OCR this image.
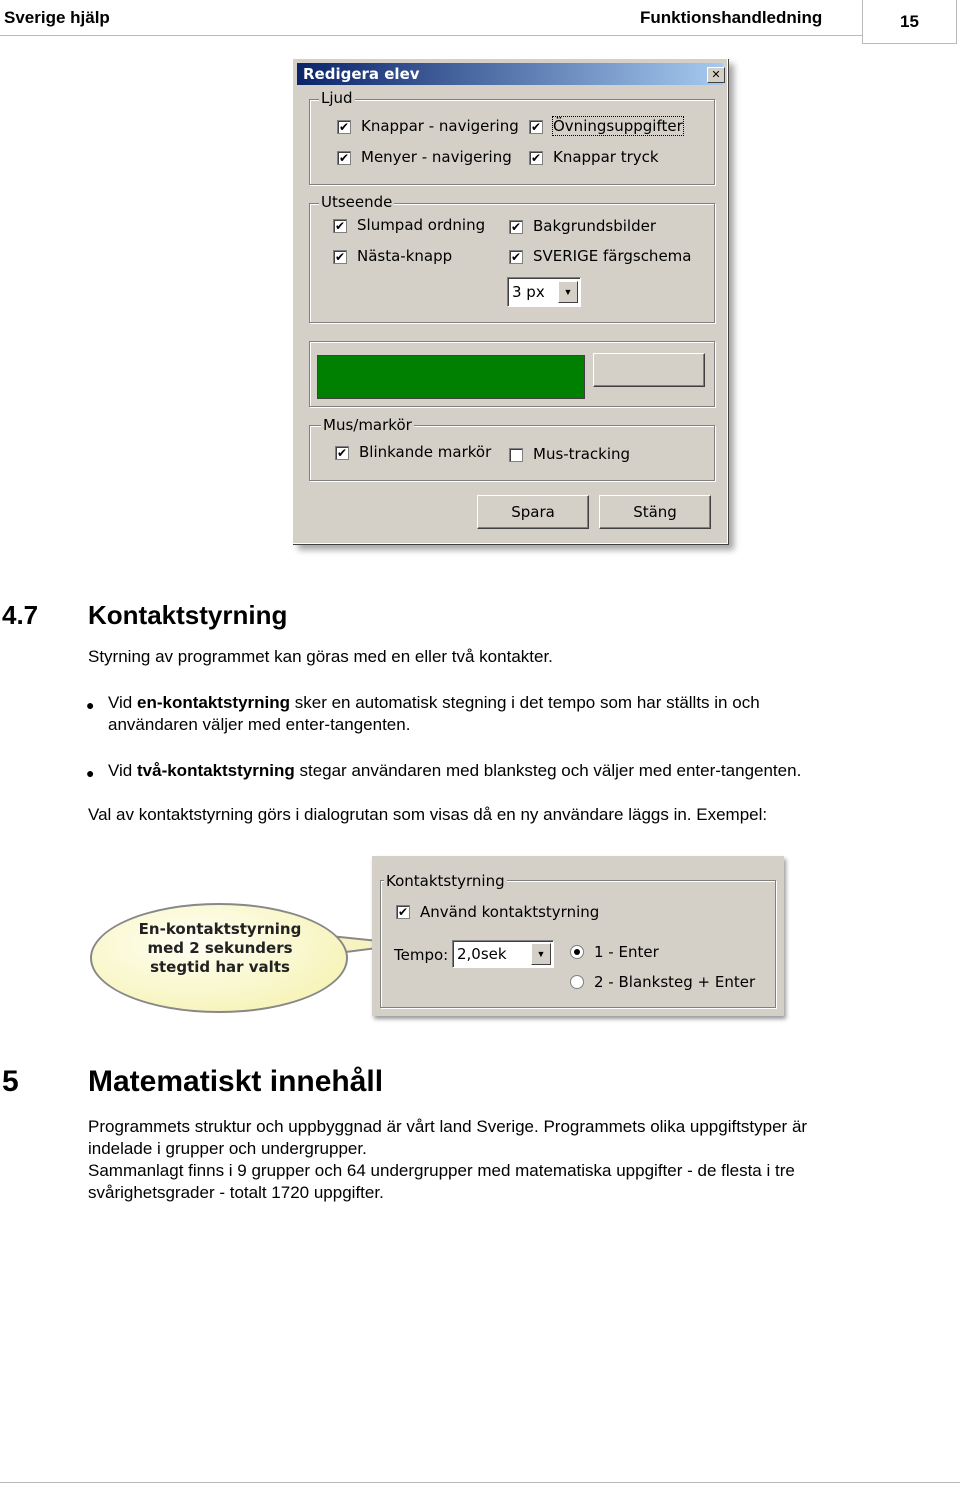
Sverige hjälp	Funktionshandledning	15
Redigera elev	✕
Ljud
✔ Knappar - navigering ✔ Övningsuppgifter
✔ Menyer - navigering ✔ Knappar tryck
Utseende
✔ Slumpad ordning ✔ Bakgrundsbilder
✔ Nästa-knapp	✔ SVERIGE färgschema
3 px	▼
Mus/markör
✔ Blinkande markör	Mus-tracking
Spara	Stäng
4.7 Kontaktstyrning
Styrning av programmet kan göras med en eller två kontakter.
● Vid en-kontaktstyrning sker en automatisk stegning i det tempo som har ställts in och
användaren väljer med enter-tangenten.
● Vid två-kontaktstyrning stegar användaren med blanksteg och väljer med enter-tangenten.
Val av kontaktstyrning görs i dialogrutan som visas då en ny användare läggs in. Exempel:
En-kontaktstyrning
med 2 sekunders
stegtid har valts
Kontaktstyrning
✔ Använd kontaktstyrning
Tempo: 2,0sek	▼	1 - Enter
2 - Blanksteg + Enter
5 Matematiskt innehåll
Programmets struktur och uppbyggnad är vårt land Sverige. Programmets olika uppgiftstyper är
indelade i grupper och undergrupper.
Sammanlagt finns i 9 grupper och 64 undergrupper med matematiska uppgifter - de flesta i tre
svårighetsgrader - totalt 1720 uppgifter.
